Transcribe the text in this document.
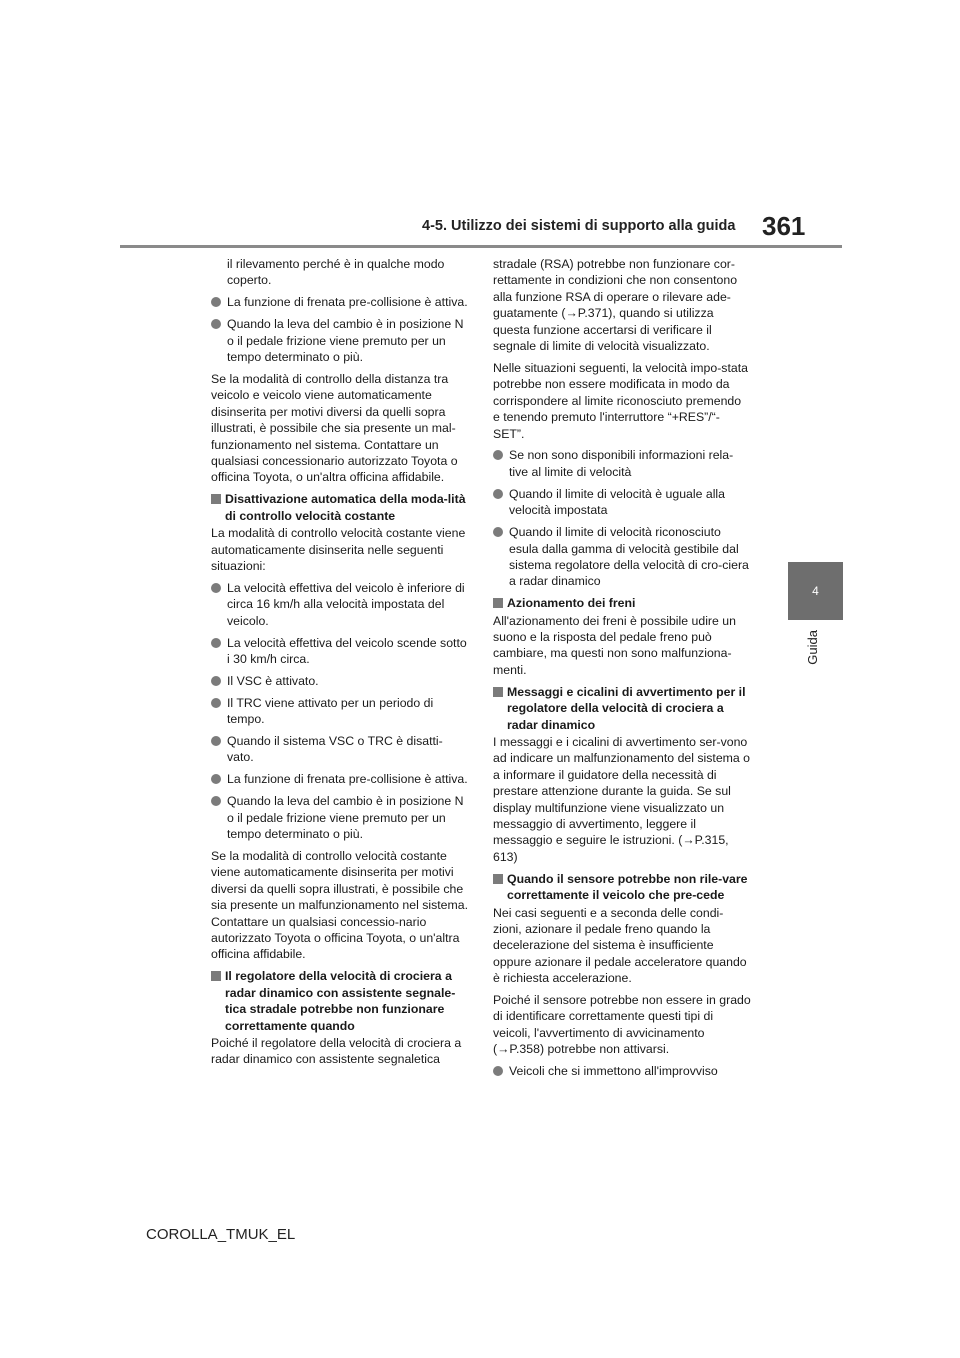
4-5. Utilizzo dei sistemi di supporto alla guida 361
4
Guida
il rilevamento perché è in qualche modo coperto.
La funzione di frenata pre-collisione è attiva.
Quando la leva del cambio è in posizione N o il pedale frizione viene premuto per un tempo determinato o più.

Se la modalità di controllo della distanza tra veicolo e veicolo viene automaticamente disinserita per motivi diversi da quelli sopra illustrati, è possibile che sia presente un mal-funzionamento nel sistema. Contattare un qualsiasi concessionario autorizzato Toyota o officina Toyota, o un'altra officina affidabile.

Disattivazione automatica della moda-lità di controllo velocità costante

La modalità di controllo velocità costante viene automaticamente disinserita nelle seguenti situazioni:

La velocità effettiva del veicolo è inferiore di circa 16 km/h alla velocità impostata del veicolo.
La velocità effettiva del veicolo scende sotto i 30 km/h circa.
Il VSC è attivato.
Il TRC viene attivato per un periodo di tempo.
Quando il sistema VSC o TRC è disatti-vato.
La funzione di frenata pre-collisione è attiva.
Quando la leva del cambio è in posizione N o il pedale frizione viene premuto per un tempo determinato o più.

Se la modalità di controllo velocità costante viene automaticamente disinserita per motivi diversi da quelli sopra illustrati, è possibile che sia presente un malfunzionamento nel sistema. Contattare un qualsiasi concessio-nario autorizzato Toyota o officina Toyota, o un'altra officina affidabile.

Il regolatore della velocità di crociera a radar dinamico con assistente segnale-tica stradale potrebbe non funzionare correttamente quando

Poiché il regolatore della velocità di crociera a radar dinamico con assistente segnaletica

stradale (RSA) potrebbe non funzionare cor-rettamente in condizioni che non consentono alla funzione RSA di operare o rilevare ade-guatamente (→P.371), quando si utilizza questa funzione accertarsi di verificare il segnale di limite di velocità visualizzato.

Nelle situazioni seguenti, la velocità impo-stata potrebbe non essere modificata in modo da corrispondere al limite riconosciuto premendo e tenendo premuto l'interruttore “+RES”/“-SET”.

Se non sono disponibili informazioni rela-tive al limite di velocità
Quando il limite di velocità è uguale alla velocità impostata
Quando il limite di velocità riconosciuto esula dalla gamma di velocità gestibile dal sistema regolatore della velocità di cro-ciera a radar dinamico
Azionamento dei freni

All'azionamento dei freni è possibile udire un suono e la risposta del pedale freno può cambiare, ma questi non sono malfunziona-menti.

Messaggi e cicalini di avvertimento per il regolatore della velocità di crociera a radar dinamico

I messaggi e i cicalini di avvertimento ser-vono ad indicare un malfunzionamento del sistema o a informare il guidatore della necessità di prestare attenzione durante la guida. Se sul display multifunzione viene visualizzato un messaggio di avvertimento, leggere il messaggio e seguire le istruzioni. (→P.315, 613)

Quando il sensore potrebbe non rile-vare correttamente il veicolo che pre-cede

Nei casi seguenti e a seconda delle condi-zioni, azionare il pedale freno quando la decelerazione del sistema è insufficiente oppure azionare il pedale acceleratore quando è richiesta accelerazione.

Poiché il sensore potrebbe non essere in grado di identificare correttamente questi tipi di veicoli, l'avvertimento di avvicinamento (→P.358) potrebbe non attivarsi.

Veicoli che si immettono all'improvviso
COROLLA_TMUK_EL
